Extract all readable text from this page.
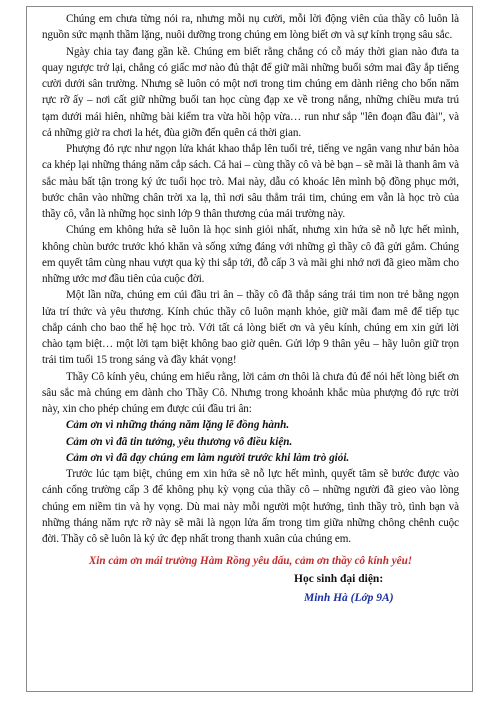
Chúng em chưa từng nói ra, nhưng mỗi nụ cười, mỗi lời động viên của thầy cô luôn là nguồn sức mạnh thầm lặng, nuôi dưỡng trong chúng em lòng biết ơn và sự kính trọng sâu sắc.

Ngày chia tay đang gần kề. Chúng em biết rằng chẳng có cỗ máy thời gian nào đưa ta quay ngược trở lại, chẳng có giấc mơ nào đủ thật để giữ mãi những buổi sớm mai đầy ắp tiếng cười dưới sân trường. Nhưng sẽ luôn có một nơi trong tim chúng em dành riêng cho bốn năm rực rỡ ấy – nơi cất giữ những buổi tan học cùng đạp xe về trong nắng, những chiều mưa trú tạm dưới mái hiên, những bài kiểm tra vừa hồi hộp vừa… run như sắp "lên đoạn đầu đài", và cả những giờ ra chơi la hét, đùa giỡn đến quên cả thời gian.

Phượng đỏ rực như ngọn lửa khát khao thắp lên tuổi trẻ, tiếng ve ngân vang như bản hòa ca khép lại những tháng năm cắp sách. Cả hai – cùng thầy cô và bè bạn – sẽ mãi là thanh âm và sắc màu bất tận trong ký ức tuổi học trò. Mai này, dẫu có khoác lên mình bộ đồng phục mới, bước chân vào những chân trời xa lạ, thì nơi sâu thẳm trái tim, chúng em vẫn là học trò của thầy cô, vẫn là những học sinh lớp 9 thân thương của mái trường này.

Chúng em không hứa sẽ luôn là học sinh giỏi nhất, nhưng xin hứa sẽ nỗ lực hết mình, không chùn bước trước khó khăn và sống xứng đáng với những gì thầy cô đã gửi gắm. Chúng em quyết tâm cùng nhau vượt qua kỳ thi sắp tới, đỗ cấp 3 và mãi ghi nhớ nơi đã gieo mầm cho những ước mơ đầu tiên của cuộc đời.

Một lần nữa, chúng em cúi đầu tri ân – thầy cô đã thắp sáng trái tim non trẻ bằng ngọn lửa trí thức và yêu thương. Kính chúc thầy cô luôn mạnh khỏe, giữ mãi đam mê để tiếp tục chắp cánh cho bao thế hệ học trò. Với tất cả lòng biết ơn và yêu kính, chúng em xin gửi lời chào tạm biệt… một lời tạm biệt không bao giờ quên. Gửi lớp 9 thân yêu – hãy luôn giữ trọn trái tim tuổi 15 trong sáng và đầy khát vọng!

Thầy Cô kính yêu, chúng em hiểu rằng, lời cảm ơn thôi là chưa đủ để nói hết lòng biết ơn sâu sắc mà chúng em dành cho Thầy Cô. Nhưng trong khoảnh khắc mùa phượng đỏ rực trời này, xin cho phép chúng em được cúi đầu tri ân:

Cảm ơn vì những tháng năm lặng lẽ đồng hành.

Cảm ơn vì đã tin tưởng, yêu thương vô điều kiện.

Cảm ơn vì đã dạy chúng em làm người trước khi làm trò giỏi.

Trước lúc tạm biệt, chúng em xin hứa sẽ nỗ lực hết mình, quyết tâm sẽ bước được vào cánh cổng trường cấp 3 để không phụ kỳ vọng của thầy cô – những người đã gieo vào lòng chúng em niềm tin và hy vọng. Dù mai này mỗi người một hướng, tình thầy trò, tình bạn và những tháng năm rực rỡ này sẽ mãi là ngọn lửa ấm trong tim giữa những chông chênh cuộc đời. Thầy cô sẽ luôn là ký ức đẹp nhất trong thanh xuân của chúng em.

Xin cảm ơn mái trường Hàm Rồng yêu dấu, cảm ơn thầy cô kính yêu!

Học sinh đại diện:

Minh Hà (Lớp 9A)
